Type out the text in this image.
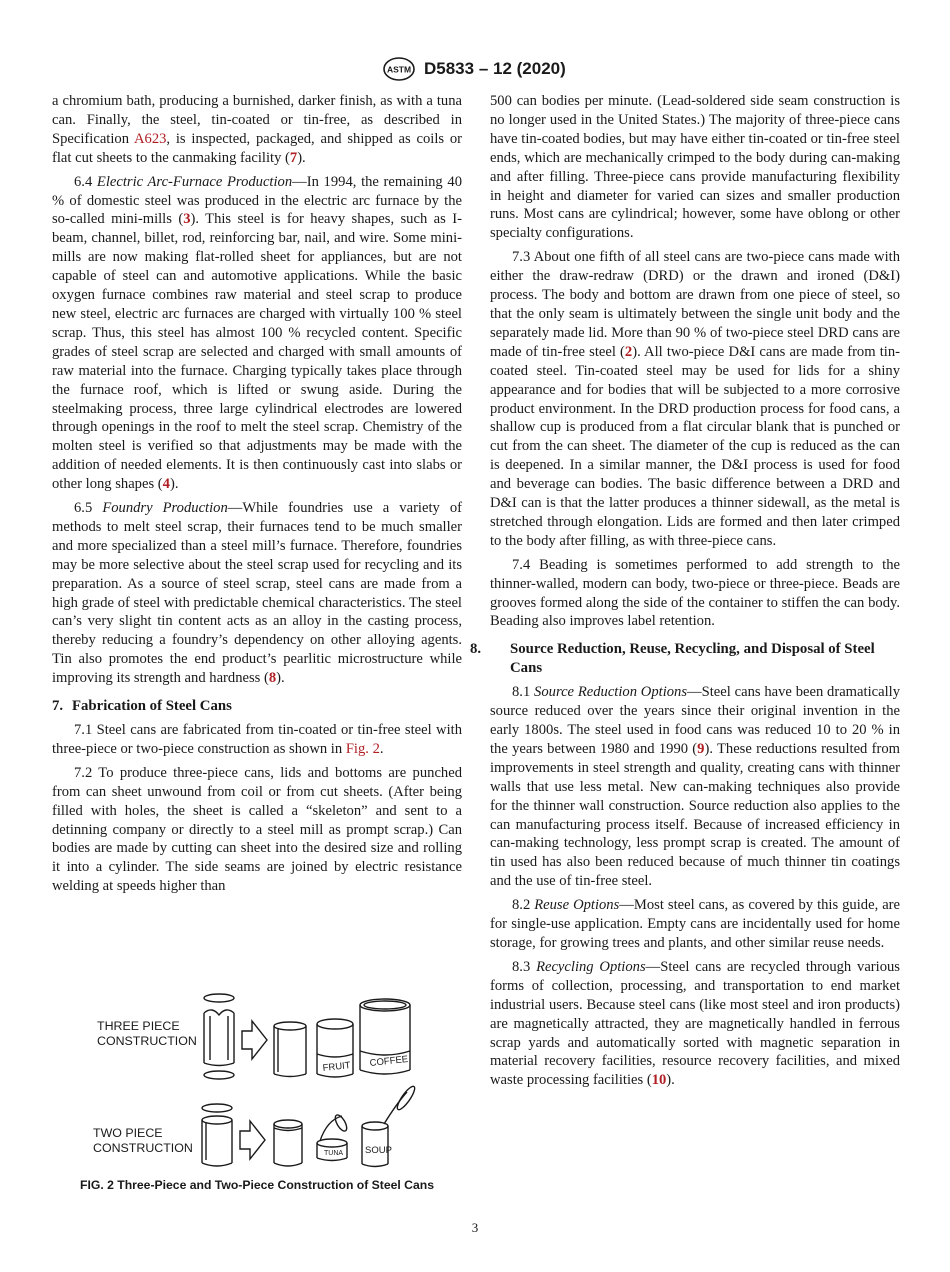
ASTM D5833 – 12 (2020)

a chromium bath, producing a burnished, darker finish, as with a tuna can. Finally, the steel, tin-coated or tin-free, as described in Specification A623, is inspected, packaged, and shipped as coils or flat cut sheets to the canmaking facility (7).

6.4 Electric Arc-Furnace Production—In 1994, the remaining 40 % of domestic steel was produced in the electric arc furnace by the so-called mini-mills (3). This steel is for heavy shapes, such as I-beam, channel, billet, rod, reinforcing bar, nail, and wire. Some mini-mills are now making flat-rolled sheet for appliances, but are not capable of steel can and automotive applications. While the basic oxygen furnace combines raw material and steel scrap to produce new steel, electric arc furnaces are charged with virtually 100 % steel scrap. Thus, this steel has almost 100 % recycled content. Specific grades of steel scrap are selected and charged with small amounts of raw material into the furnace. Charging typically takes place through the furnace roof, which is lifted or swung aside. During the steelmaking process, three large cylindrical electrodes are lowered through openings in the roof to melt the steel scrap. Chemistry of the molten steel is verified so that adjustments may be made with the addition of needed elements. It is then continuously cast into slabs or other long shapes (4).

6.5 Foundry Production—While foundries use a variety of methods to melt steel scrap, their furnaces tend to be much smaller and more specialized than a steel mill’s furnace. Therefore, foundries may be more selective about the steel scrap used for recycling and its preparation. As a source of steel scrap, steel cans are made from a high grade of steel with predictable chemical characteristics. The steel can’s very slight tin content acts as an alloy in the casting process, thereby reducing a foundry’s dependency on other alloying agents. Tin also promotes the end product’s pearlitic microstructure while improving its strength and hardness (8).

7. Fabrication of Steel Cans

7.1 Steel cans are fabricated from tin-coated or tin-free steel with three-piece or two-piece construction as shown in Fig. 2.

7.2 To produce three-piece cans, lids and bottoms are punched from can sheet unwound from coil or from cut sheets. (After being filled with holes, the sheet is called a “skeleton” and sent to a detinning company or directly to a steel mill as prompt scrap.) Can bodies are made by cutting can sheet into the desired size and rolling it into a cylinder. The side seams are joined by electric resistance welding at speeds higher than

THREE PIECE
CONSTRUCTION
TWO PIECE
CONSTRUCTION
FRUIT COFFEE
TUNA SOUP
FIG. 2 Three-Piece and Two-Piece Construction of Steel Cans

500 can bodies per minute. (Lead-soldered side seam construction is no longer used in the United States.) The majority of three-piece cans have tin-coated bodies, but may have either tin-coated or tin-free steel ends, which are mechanically crimped to the body during can-making and after filling. Three-piece cans provide manufacturing flexibility in height and diameter for varied can sizes and smaller production runs. Most cans are cylindrical; however, some have oblong or other specialty configurations.

7.3 About one fifth of all steel cans are two-piece cans made with either the draw-redraw (DRD) or the drawn and ironed (D&I) process. The body and bottom are drawn from one piece of steel, so that the only seam is ultimately between the single unit body and the separately made lid. More than 90 % of two-piece steel DRD cans are made of tin-free steel (2). All two-piece D&I cans are made from tin-coated steel. Tin-coated steel may be used for lids for a shiny appearance and for bodies that will be subjected to a more corrosive product environment. In the DRD production process for food cans, a shallow cup is produced from a flat circular blank that is punched or cut from the can sheet. The diameter of the cup is reduced as the can is deepened. In a similar manner, the D&I process is used for food and beverage can bodies. The basic difference between a DRD and D&I can is that the latter produces a thinner sidewall, as the metal is stretched through elongation. Lids are formed and then later crimped to the body after filling, as with three-piece cans.

7.4 Beading is sometimes performed to add strength to the thinner-walled, modern can body, two-piece or three-piece. Beads are grooves formed along the side of the container to stiffen the can body. Beading also improves label retention.

8. Source Reduction, Reuse, Recycling, and Disposal of Steel Cans

8.1 Source Reduction Options—Steel cans have been dramatically source reduced over the years since their original invention in the early 1800s. The steel used in food cans was reduced 10 to 20 % in the years between 1980 and 1990 (9). These reductions resulted from improvements in steel strength and quality, creating cans with thinner walls that use less metal. New can-making techniques also provide for the thinner wall construction. Source reduction also applies to the can manufacturing process itself. Because of increased efficiency in can-making technology, less prompt scrap is created. The amount of tin used has also been reduced because of much thinner tin coatings and the use of tin-free steel.

8.2 Reuse Options—Most steel cans, as covered by this guide, are for single-use application. Empty cans are incidentally used for home storage, for growing trees and plants, and other similar reuse needs.

8.3 Recycling Options—Steel cans are recycled through various forms of collection, processing, and transportation to end market industrial users. Because steel cans (like most steel and iron products) are magnetically attracted, they are magnetically handled in ferrous scrap yards and automatically sorted with magnetic separation in material recovery facilities, resource recovery facilities, and mixed waste processing facilities (10).

3
